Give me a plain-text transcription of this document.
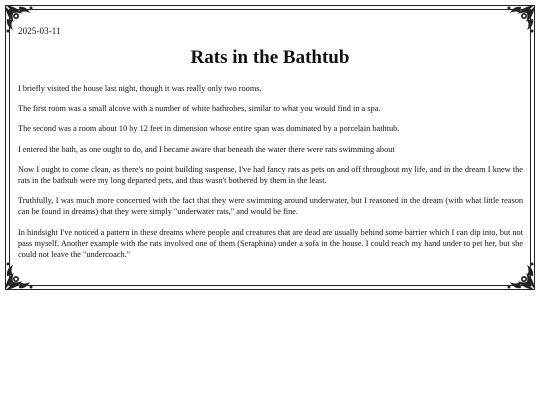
2025-03-11
Rats in the Bathtub

I briefly visited the house last night, though it was really only two rooms.

The first room was a small alcove with a number of white bathrobes, similar to what you would find in a spa.

The second was a room about 10 by 12 feet in dimension whose entire span was dominated by a porcelain bathtub.

I entered the bath, as one ought to do, and I became aware that beneath the water there were rats swimming about

Now I ought to come clean, as there's no point building suspense, I've had fancy rats as pets on and off throughout my life, and in the dream I knew the rats in the bathtub were my long departed pets, and thus wasn't bothered by them in the least.

Truthfully, I was much more concerned with the fact that they were swimming around underwater, but I reasoned in the dream (with what little reason can be found in dreams) that they were simply "underwater rats," and would be fine.

In hindsight I've noticed a pattern in these dreams where people and creatures that are dead are usually behind some barrier which I can dip into, but not pass myself. Another example with the rats involved one of them (Seraphina) under a sofa in the house. I could reach my hand under to pet her, but she could not leave the "undercoach."
